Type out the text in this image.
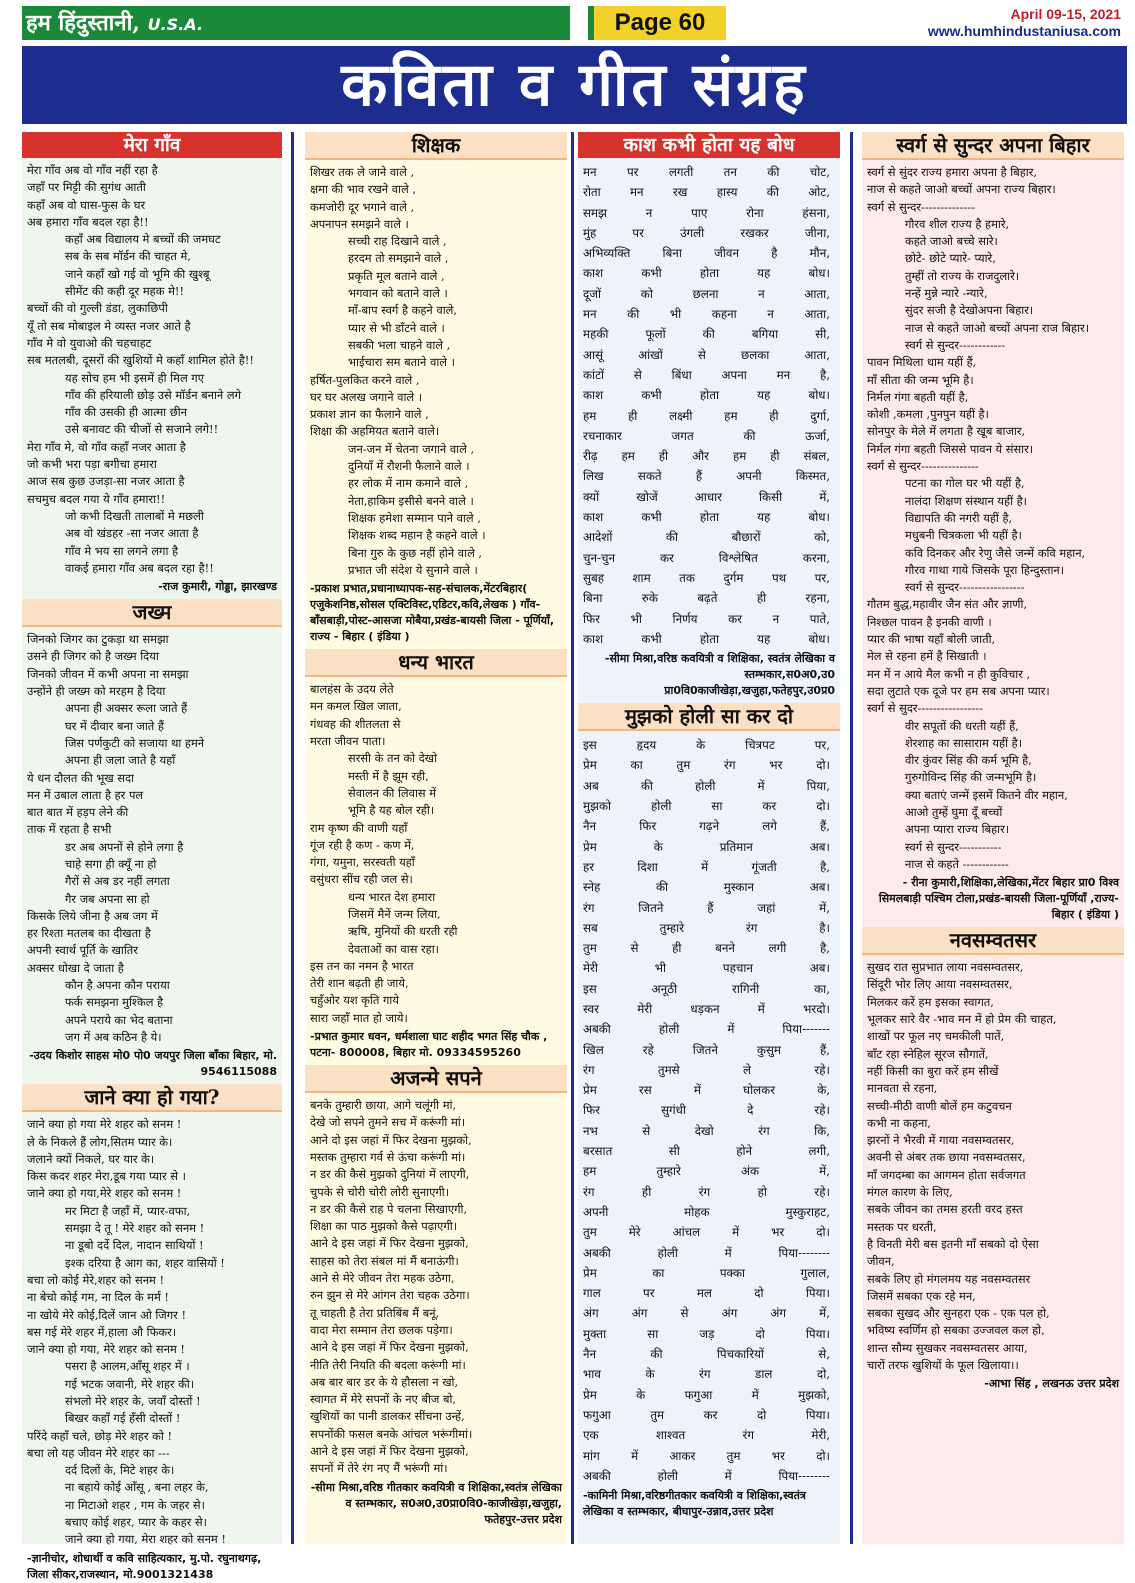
हम हिंदुस्तानी, U.S.A.	Page 60	April 09-15, 2021
www.humhindustaniusa.com
कविता व गीत संग्रह
मेरा गाँव
मेरा गाँव अब वो गाँव नहीं रहा है
जहाँ पर मिट्टी की सुगंध आती
कहाँ अब वो घास-फुस के घर
अब हमारा गाँव बदल रहा है!!
कहाँ अब विद्यालय मे बच्चों की जमघट
सब के सब मॉर्डन की चाहत मे,
जाने कहाँ खो गई वो भूमि की खुश्बू
सीमेंट की कही दूर महक मे!!
बच्चों की वो गुल्ली डंडा, लुकाछिपी
यूँ तो सब मोबाइल मे व्यस्त नजर आते है
गाँव मे वो युवाओ की चहचाहट
सब मतलबी, दूसरों की खुशियों मे कहाँ शामिल होते है!!
यह सोच हम भी इसमें ही मिल गए
गाँव की हरियाली छोड़ उसे मॉर्डन बनाने लगे
गाँव की उसकी ही आत्मा छीन
उसे बनावट की चीजों से सजाने लगे!!
मेरा गाँव मे, वो गाँव कहाँ नजर आता है
जो कभी भरा पड़ा बगीचा हमारा
आज सब कुछ उजड़ा-सा नजर आता है
सचमुच बदल गया ये गाँव हमारा!!
जो कभी दिखती तालाबों मे मछली
अब वो खंडहर -सा नजर आता है
गाँव मे भय सा लगने लगा है
वाकई हमारा गाँव अब बदल रहा है!!
-राज कुमारी, गोड्डा, झारखण्ड
जख्म
जिनको जिगर का टुकड़ा था समझा
उसने ही जिगर को है जख्म दिया
जिनको जीवन में कभी अपना ना समझा
उन्होंने ही जख्म को मरहम है दिया
अपना ही अक्सर रूला जाते हैं
घर में दीवार बना जाते हैं
जिस पर्णकुटी को सजाया था हमने
अपना ही जला जाते है यहाँ
ये धन दौलत की भूख सदा
मन में उबाल लाता है हर पल
बात बात में हड़प लेने की
ताक में रहता है सभी
डर अब अपनों से होने लगा है
चाहे सगा ही क्यूँ ना हो
गैरों से अब डर नहीं लगता
गैर जब अपना सा हो
किसके लिये जीना है अब जग में
हर रिश्ता मतलब का दीखता है
अपनी स्वार्थ पूर्ति के खातिर
अक्सर धोखा दे जाता है
कौन है अपना कौन पराया
फर्क समझना मुश्किल है
अपने पराये का भेद बताना
जग में अब कठिन है ये।
-उदय किशोर साहस मो0 पो0 जयपुर जिला बाँका बिहार, मो. 9546115088
जाने क्या हो गया?
जाने क्या हो गया मेरे शहर को सनम !
ले के निकले हैं लोग,सितम प्यार के।
जलाने क्यों निकले, घर यार के।
किस कदर शहर मेरा,डूब गया प्यार से ।
जाने क्या हो गया,मेरे शहर को सनम !
मर मिटा है जहाँ में, प्यार-वफा,
समझा दे तू ! मेरे शहर को सनम !
ना डूबो दर्दे दिल, नादान साथियों !
इश्क दरिया है आग का, शहर वासियों !
बचा लो कोई मेरे,शहर को सनम !
ना बेचो कोई गम, ना दिल के मर्म !
ना खोये मेरे कोई,दिलें जान ओ जिगर !
बस गई मेरे शहर में,हाला औ फिकर।
जाने क्या हो गया, मेरे शहर को सनम !
पसरा है आलम,आँसू शहर में ।
गई भटक जवानी, मेरे शहर की।
संभलो मेरे शहर के, जवाँ दोस्तों !
बिखर कहाँ गई हँसी दोस्तों !
परिंदे कहाँ चले, छोड़ मेरे शहर को !
बचा लो यह जीवन मेरे शहर का ---
दर्द दिलों के, मिटे शहर के।
ना बहाये कोई आँसू , बना लहर के,
ना मिटाओ शहर , गम के जहर से।
बचाए कोई शहर, प्यार के कहर से।
जाने क्या हो गया, मेरा शहर को सनम !
-ज्ञानीचोर, शोधार्थी व कवि साहित्यकार, मु.पो. रघुनाथगढ़, जिला सीकर,राजस्थान, मो.9001321438
शिक्षक
शिखर तक ले जाने वाले ,
क्षमा की भाव रखने वाले ,
कमजोरी दूर भगाने वाले ,
अपनापन समझने वाले ।
सच्ची राह दिखाने वाले ,
हरदम तो समझाने वाले ,
प्रकृति मूल बताने वाले ,
भगवान को बताने वाले ।
माँ-बाप स्वर्ग है कहने वाले,
प्यार से भी डाँटने वाले ।
सबकी भला चाहने वाले ,
भाईचारा सम बताने वाले ।
हर्षित-पुलकित करने वाले ,
घर घर अलख जगाने वाले ।
प्रकाश ज्ञान का फैलाने वाले ,
शिक्षा की अहमियत बताने वाले।
जन-जन में चेतना जगाने वाले ,
दुनियाँ में रौशनी फैलाने वाले ।
हर लोक में नाम कमाने वाले ,
नेता,हाकिम इसीसे बनने वाले ।
शिक्षक हमेशा सम्मान पाने वाले ,
शिक्षक शब्द महान है कहने वाले ।
बिना गुरु के कुछ नहीं होने वाले ,
प्रभात जी संदेश ये सुनाने वाले ।
-प्रकाश प्रभात,प्रधानाध्यापक-सह-संचालक,मेंटरबिहार( एजुकेशनिष्ठ,सोसल एक्टिविस्ट,एडिटर,कवि,लेखक ) गाँव-बाँसबाड़ी,पोस्ट-आसजा मोबैया,प्रखंड-बायसी जिला - पूर्णियाँ, राज्य - बिहार ( इंडिया )
धन्य भारत
बालहंस के उदय लेते
मन कमल खिल जाता,
गंधवह की शीतलता से
मरता जीवन पाता।
सरसी के तन को देखो
मस्ती में है झूम रही,
सेवालन की लिवास में
भूमि है यह बोल रही।
राम कृष्ण की वाणी यहाँ
गूंज रही है कण - कण में,
गंगा, यमुना, सरस्वती यहाँ
वसुंधरा सींच रही जल से।
धन्य भारत देश हमारा
जिसमें मैनें जन्म लिया,
ऋषि, मुनियों की धरती रही
देवताओं का वास रहा।
इस तन का नमन है भारत
तेरी शान बढ़ती ही जाये,
चहुँओर यश कृति गाये
सारा जहाँ मात हो जाये।
-प्रभात कुमार धवन, धर्मशाला घाट शहीद भगत सिंह चौक , पटना- 800008, बिहार मो. 09334595260
अजन्मे सपने
बनके तुम्हारी छाया, आगे चलूंगी मां,
देखे जो सपने तुमने सच में करूंगी मां।
आने दो इस जहां में फिर देखना मुझको,
मस्तक तुम्हारा गर्व से ऊंचा करूंगी मां।
न डर की कैसे मुझको दुनियां में लाएगी,
चुपके से चोरी चोरी लोरी सुनाएगी।
न डर की कैसे राह पे चलना सिखाएगी,
शिक्षा का पाठ मुझको कैसे पढ़ाएगी।
आने दे इस जहां में फिर देखना मुझको,
साहस को तेरा संबल मां मैं बनाऊंगी।
आने से मेरे जीवन तेरा महक उठेगा,
रुन झुन से मेरे आंगन तेरा चहक उठेगा।
तू चाहती है तेरा प्रतिबिंब मैं बनूं,
वादा मेरा सम्मान तेरा छलक पड़ेगा।
आने दे इस जहां में फिर देखना मुझको,
नीति तेरी नियति की बदला करूंगी मां।
अब बार बार डर के ये हौसला न खो,
स्वागत में मेरे सपनों के नए बीज बो,
खुशियों का पानी डालकर सींचना उन्हें,
सपनोंकी फसल बनके आंचल भरूंगीमां।
आने दे इस जहां में फिर देखना मुझको,
सपनों में तेरे रंग नए मैं भरूंगी मां।
-सीमा मिश्रा,वरिष्ठ गीतकार कवयित्री व शिक्षिका,स्वतंत्र लेखिका व स्तम्भकार, स0अ0,उ0प्रा0वि0-काजीखेड़ा,खजुहा, फतेहपुर-उत्तर प्रदेश
काश कभी होता यह बोध
मन पर लगती तन की चोट,
रोता मन रख हास्य की ओट,
समझ न पाए रोना हंसना,
मुंह पर उंगली रखकर जीना,
अभिव्यक्ति बिना जीवन है मौन,
काश कभी होता यह बोध।
दूजों को छलना न आता,
मन की भी कहना न आता,
महकी फूलों की बगिया सी,
आसूं आंखों से छलका आता,
कांटों से बिंधा अपना मन है,
काश कभी होता यह बोध।
हम ही लक्ष्मी हम ही दुर्गा,
रचनाकार जगत की ऊर्जा,
रीढ़ हम ही और हम ही संबल,
लिख सकते हैं अपनी किस्मत,
क्यों खोजें आधार किसी में,
काश कभी होता यह बोध।
आदेशों की बौछारों को,
चुन-चुन कर विश्लेषित करना,
सुबह शाम तक दुर्गम पथ पर,
बिना रुके बढ़ते ही रहना,
फिर भी निर्णय कर न पाते,
काश कभी होता यह बोध।
-सीमा मिश्रा,वरिष्ठ कवयित्री व शिक्षिका, स्वतंत्र लेखिका व स्तम्भकार,स0अ0,उ0 प्रा0वि0काजीखेड़ा,खजुहा,फतेहपुर,उ0प्र0
मुझको होली सा कर दो
इस हृदय के चित्रपट पर,
प्रेम का तुम रंग भर दो।
अब की होली में पिया,
मुझको होली सा कर दो।
नैन फिर गढ़ने लगे हैं,
प्रेम के प्रतिमान अब।
हर दिशा में गूंजती है,
स्नेह की मुस्कान अब।
रंग जितने हैं जहां में,
सब तुम्हारे रंग है।
तुम से ही बनने लगी है,
मेरी भी पहचान अब।
इस अनूठी रागिनी का,
स्वर मेरी धड़कन में भरदो।
अबकी होली में पिया-------
खिल रहे जितने कुसुम हैं,
रंग तुमसे ले रहे।
प्रेम रस में घोलकर के,
फिर सुगंधी दे रहे।
नभ से देखो रंग कि,
बरसात सी होने लगी,
हम तुम्हारे अंक में,
रंग ही रंग हो रहे।
अपनी मोहक मुस्कुराहट,
तुम मेरे आंचल में भर दो।
अबकी होली में पिया--------
प्रेम का पक्का गुलाल,
गाल पर मल दो पिया।
अंग अंग से अंग अंग में,
मुक्ता सा जड़ दो पिया।
नैन की पिचकारियों से,
भाव के रंग डाल दो,
प्रेम के फगुआ में मुझको,
फगुआ तुम कर दो पिया।
एक शाश्वत रंग मेरी,
मांग में आकर तुम भर दो।
अबकी होली में पिया--------
-कामिनी मिश्रा,वरिष्ठगीतकार कवयित्री व शिक्षिका,स्वतंत्र लेखिका व स्तम्भकार, बीघापुर-उन्नाव,उत्तर प्रदेश
स्वर्ग से सुन्दर अपना बिहार
स्वर्ग से सुंदर राज्य हमारा अपना है बिहार,
नाज से कहते जाओ बच्चों अपना राज्य बिहार।
स्वर्ग से सुन्दर--------------
गौरव शील राज्य है हमारे,
कहते जाओ बच्चे सारे।
छोटे- छोटे प्यारे- प्यारे,
तुम्हीं तो राज्य के राजदुलारे।
नन्हें मुन्ने न्यारे -न्यारे,
सुंदर सजी है देखोअपना बिहार।
नाज से कहते जाओ बच्चों अपना राज बिहार।
स्वर्ग से सुन्दर------------
पावन मिथिला धाम यहीं हैं,
माँ सीता की जन्म भूमि है।
निर्मल गंगा बहती यहीं है,
कोशी ,कमला ,पुनपुन यहीं है।
सोनपुर के मेले में लगता है खूब बाजार,
निर्मल गंगा बहती जिससे पावन ये संसार।
स्वर्ग से सुन्दर---------------
पटना का गोल घर भी यहीं है,
नालंदा शिक्षण संस्थान यहीं है।
विद्यापति की नगरी यहीं है,
मधुबनी चित्रकला भी यहीं है।
कवि दिनकर और रेणु जैसे जन्में कवि महान,
गौरव गाथा गाये जिसके पूरा हिन्दुस्तान।
स्वर्ग से सुन्दर-----------------
गौतम बुद्ध,महावीर जैन संत और ज्ञाणी,
निश्छल पावन है इनकी वाणी ।
प्यार की भाषा यहाँ बोली जाती,
मेल से रहना हमें है सिखाती ।
मन में न आये मैल कभी न ही कुविचार ,
सदा लुटाते एक दूजे पर हम सब अपना प्यार।
स्वर्ग से सुदर-----------------
वीर सपूतों की धरती यहीं हैं,
शेरशाह का सासाराम यहीं है।
वीर कुंवर सिंह की कर्म भूमि है,
गुरुगोविन्द सिंह की जन्मभूमि है।
क्या बताएं जन्में इसमें कितने वीर महान,
आओ तुम्हें घुमा दूँ बच्चों
अपना प्यारा राज्य बिहार।
स्वर्ग से सुन्दर-----------
नाज से कहते ------------
- रीना कुमारी,शिक्षिका,लेखिका,मेंटर बिहार प्रा0 विश्व सिमलबाड़ी पश्चिम टोला,प्रखंड-बायसी जिला-पूर्णियाँ ,राज्य- बिहार ( इंडिया )
नवसम्वतसर
सुखद रात सुप्रभात लाया नवसम्वतसर,
सिंदूरी भोर लिए आया नवसम्वतसर,
मिलकर करें हम इसका स्वागत,
भूलकर सारे वैर -भाव मन में हो प्रेम की चाहत,
शाखों पर फूल नए चमकीली पातें,
बाँट रहा स्नेहिल सूरज सौगातें,
नहीं किसी का बुरा करें हम सीखें
मानवता से रहना,
सच्ची-मीठी वाणी बोलें हम कटुवचन
कभी ना कहना,
झरनों ने भैरवी में गाया नवसम्वतसर,
अवनी से अंबर तक छाया नवसम्वतसर,
माँ जगदम्बा का आगमन होता सर्वजगत
मंगल कारण के लिए,
सबके जीवन का तमस हरती वरद हस्त
मस्तक पर धरती,
है विनती मेरी बस इतनी माँ सबको दो ऐसा
जीवन,
सबके लिए हो मंगलमय यह नवसम्वतसर
जिसमें सबका एक रहे मन,
सबका सुखद और सुनहरा एक - एक पल हो,
भविष्य स्वर्णिम हो सबका उज्जवल कल हो,
शान्त सौम्य सुखकर नवसम्वतसर आया,
चारों तरफ खुशियों के फूल खिलाया।।
-आभा सिंह , लखनऊ उत्तर प्रदेश
